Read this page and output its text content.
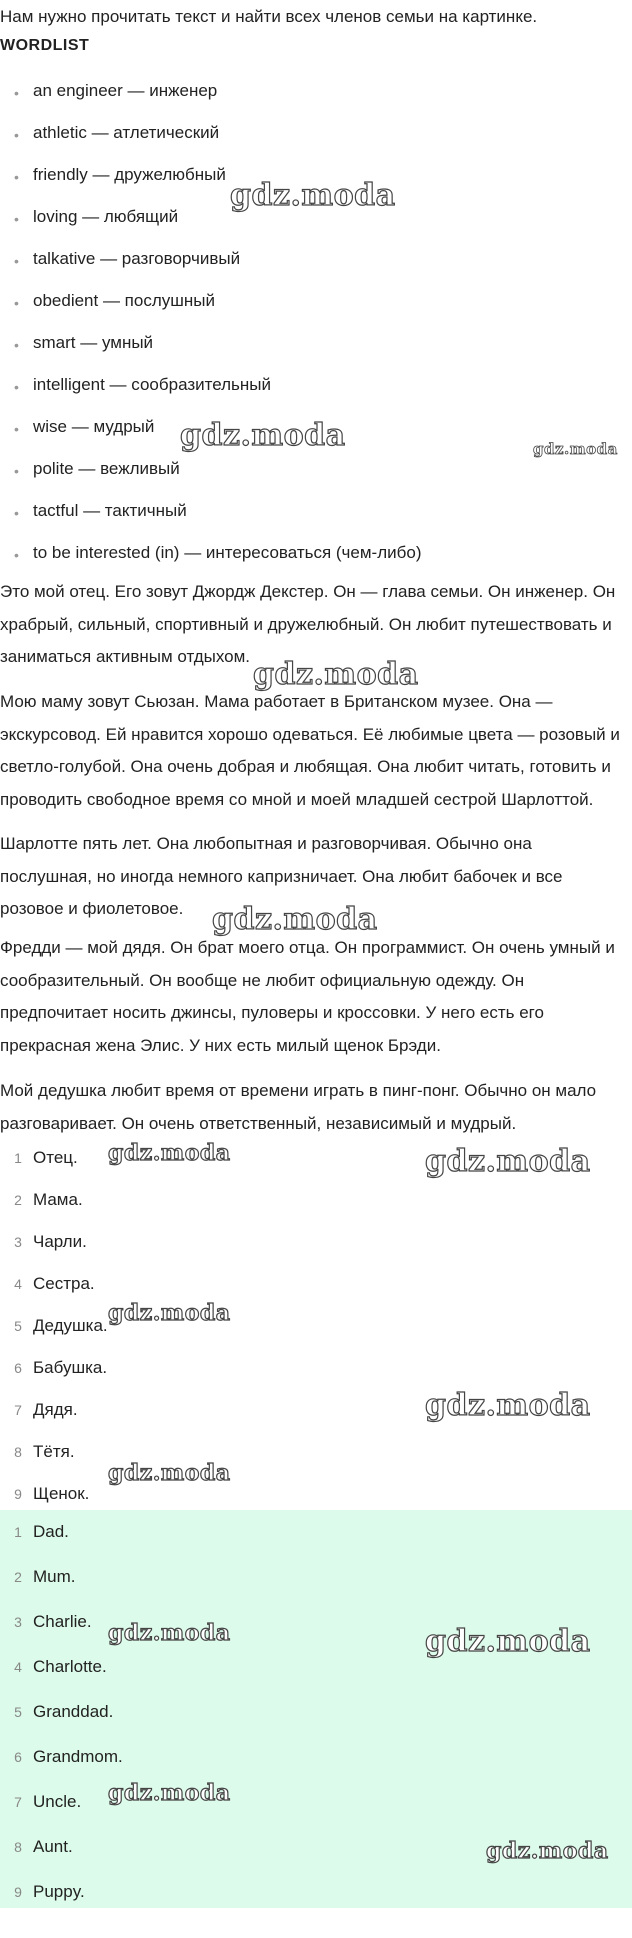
Нам нужно прочитать текст и найти всех членов семьи на картинке.
WORDLIST
• an engineer — инженер
• athletic — атлетический
• friendly — дружелюбный
• loving — любящий
• talkative — разговорчивый
• obedient — послушный
• smart — умный
• intelligent — сообразительный
• wise — мудрый
• polite — вежливый
• tactful — тактичный
• to be interested (in) — интересоваться (чем-либо)

Это мой отец. Его зовут Джордж Декстер. Он — глава семьи. Он инженер. Он храбрый, сильный, спортивный и дружелюбный. Он любит путешествовать и заниматься активным отдыхом.

Мою маму зовут Сьюзан. Мама работает в Британском музее. Она — экскурсовод. Ей нравится хорошо одеваться. Её любимые цвета — розовый и светло-голубой. Она очень добрая и любящая. Она любит читать, готовить и проводить свободное время со мной и моей младшей сестрой Шарлоттой.

Шарлотте пять лет. Она любопытная и разговорчивая. Обычно она послушная, но иногда немного капризничает. Она любит бабочек и все розовое и фиолетовое.

Фредди — мой дядя. Он брат моего отца. Он программист. Он очень умный и сообразительный. Он вообще не любит официальную одежду. Он предпочитает носить джинсы, пуловеры и кроссовки. У него есть его прекрасная жена Элис. У них есть милый щенок Брэди.

Мой дедушка любит время от времени играть в пинг-понг. Обычно он мало разговаривает. Он очень ответственный, независимый и мудрый.

1 Отец.
2 Мама.
3 Чарли.
4 Сестра.
5 Дедушка.
6 Бабушка.
7 Дядя.
8 Тётя.
9 Щенок.
1 Dad.
2 Mum.
3 Charlie.
4 Charlotte.
5 Granddad.
6 Grandmom.
7 Uncle.
8 Aunt.
9 Puppy.
gdz.moda
gdz.moda	gdz.moda
gdz.moda
gdz.moda
gdz.moda	gdz.moda
gdz.moda
gdz.moda
gdz.moda
gdz.moda	gdz.moda
gdz.moda
gdz.moda
